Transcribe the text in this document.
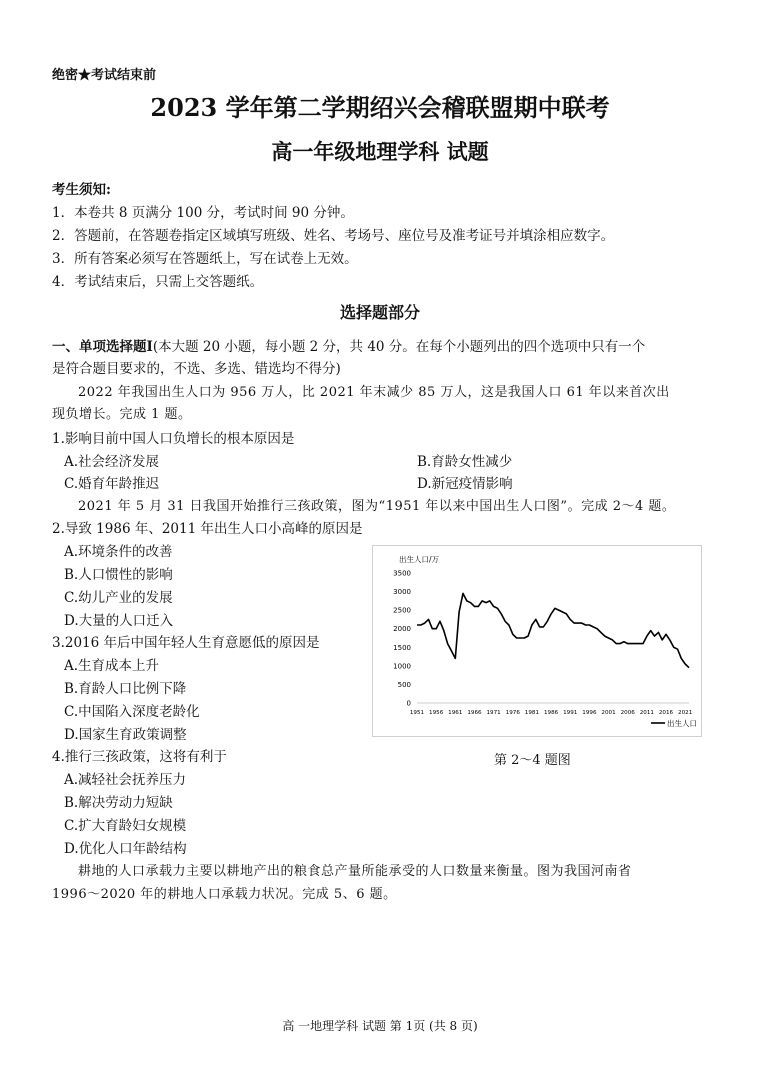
绝密★考试结束前
2023 学年第二学期绍兴会稽联盟期中联考
高一年级地理学科 试题
考生须知:
1．本卷共 8 页满分 100 分，考试时间 90 分钟。
2．答题前，在答题卷指定区域填写班级、姓名、考场号、座位号及准考证号并填涂相应数字。
3．所有答案必须写在答题纸上，写在试卷上无效。
4．考试结束后，只需上交答题纸。
选择题部分
一、单项选择题Ⅰ(本大题 20 小题，每小题 2 分，共 40 分。在每个小题列出的四个选项中只有一个
是符合题目要求的，不选、多选、错选均不得分)
2022 年我国出生人口为 956 万人，比 2021 年末减少 85 万人，这是我国人口 61 年以来首次出
现负增长。完成 1 题。
1.影响目前中国人口负增长的根本原因是
A.社会经济发展	B.育龄女性减少
C.婚育年龄推迟	D.新冠疫情影响
2021 年 5 月 31 日我国开始推行三孩政策，图为“1951 年以来中国出生人口图”。完成 2～4 题。
2.导致 1986 年、2011 年出生人口小高峰的原因是
A.环境条件的改善
B.人口惯性的影响
C.幼儿产业的发展
D.大量的人口迁入
3.2016 年后中国年轻人生育意愿低的原因是
A.生育成本上升
B.育龄人口比例下降
C.中国陷入深度老龄化
D.国家生育政策调整
4.推行三孩政策，这将有利于
A.减轻社会抚养压力
B.解决劳动力短缺
C.扩大育龄妇女规模
D.优化人口年龄结构
耕地的人口承载力主要以耕地产出的粮食总产量所能承受的人口数量来衡量。图为我国河南省
1996～2020 年的耕地人口承载力状况。完成 5、6 题。
出生人口/万
0
500
1000
1500
2000
2500
3000
3500
1951 1956 1961 1966 1971 1976 1981 1986 1991 1996 2001 2006 2011 2016 2021
出生人口
第 2～4 题图
高 一地理学科 试题 第 1页 (共 8 页)
